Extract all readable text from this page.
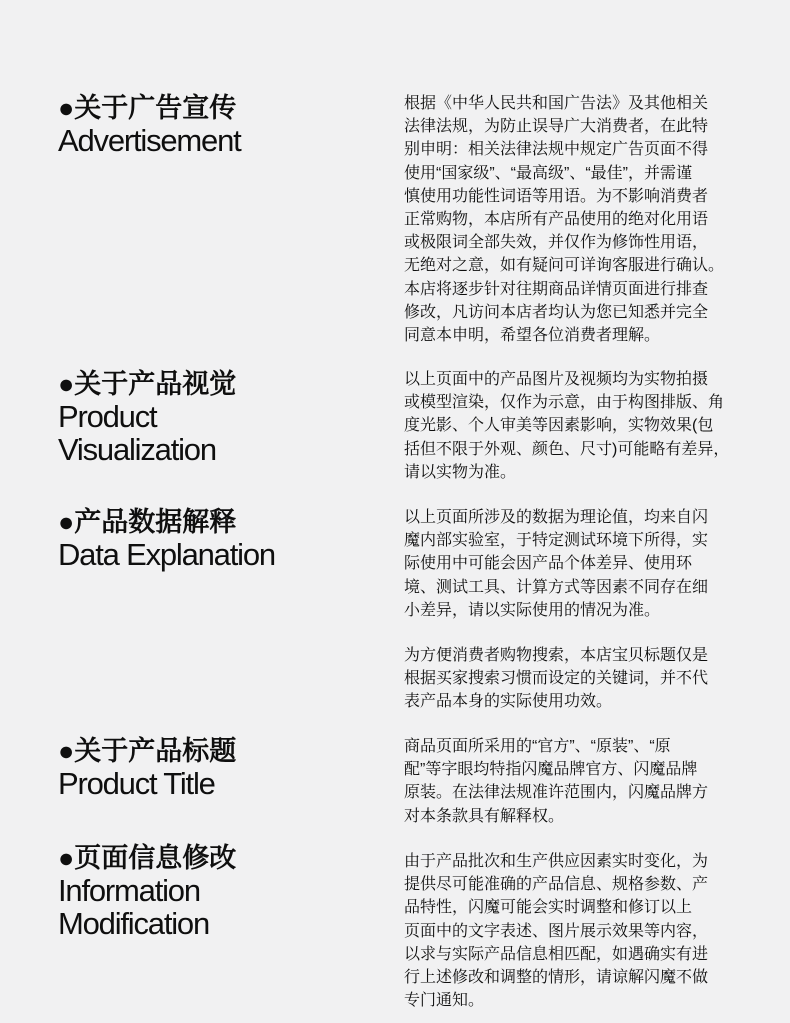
●关于广告宣传
Advertisement

根据《中华人民共和国广告法》及其他相关
法律法规，为防止误导广大消费者，在此特
别申明：相关法律法规中规定广告页面不得
使用“国家级”、“最高级”、“最佳”，并需谨
慎使用功能性词语等用语。为不影响消费者
正常购物，本店所有产品使用的绝对化用语
或极限词全部失效，并仅作为修饰性用语，
无绝对之意，如有疑问可详询客服进行确认。
本店将逐步针对往期商品详情页面进行排查
修改，凡访问本店者均认为您已知悉并完全
同意本申明，希望各位消费者理解。

●关于产品视觉
Product
Visualization

以上页面中的产品图片及视频均为实物拍摄
或模型渲染，仅作为示意，由于构图排版、角
度光影、个人审美等因素影响，实物效果(包
括但不限于外观、颜色、尺寸)可能略有差异，
请以实物为准。

●产品数据解释
Data Explanation

以上页面所涉及的数据为理论值，均来自闪
魔内部实验室，于特定测试环境下所得，实
际使用中可能会因产品个体差异、使用环
境、测试工具、计算方式等因素不同存在细
小差异，请以实际使用的情况为准。

为方便消费者购物搜索，本店宝贝标题仅是
根据买家搜索习惯而设定的关键词，并不代
表产品本身的实际使用功效。

●关于产品标题
Product Title

商品页面所采用的“官方”、“原装”、“原
配”等字眼均特指闪魔品牌官方、闪魔品牌
原装。在法律法规准许范围内，闪魔品牌方
对本条款具有解释权。

●页面信息修改
Information
Modification

由于产品批次和生产供应因素实时变化，为
提供尽可能准确的产品信息、规格参数、产
品特性，闪魔可能会实时调整和修订以上
页面中的文字表述、图片展示效果等内容，
以求与实际产品信息相匹配，如遇确实有进
行上述修改和调整的情形，请谅解闪魔不做
专门通知。
